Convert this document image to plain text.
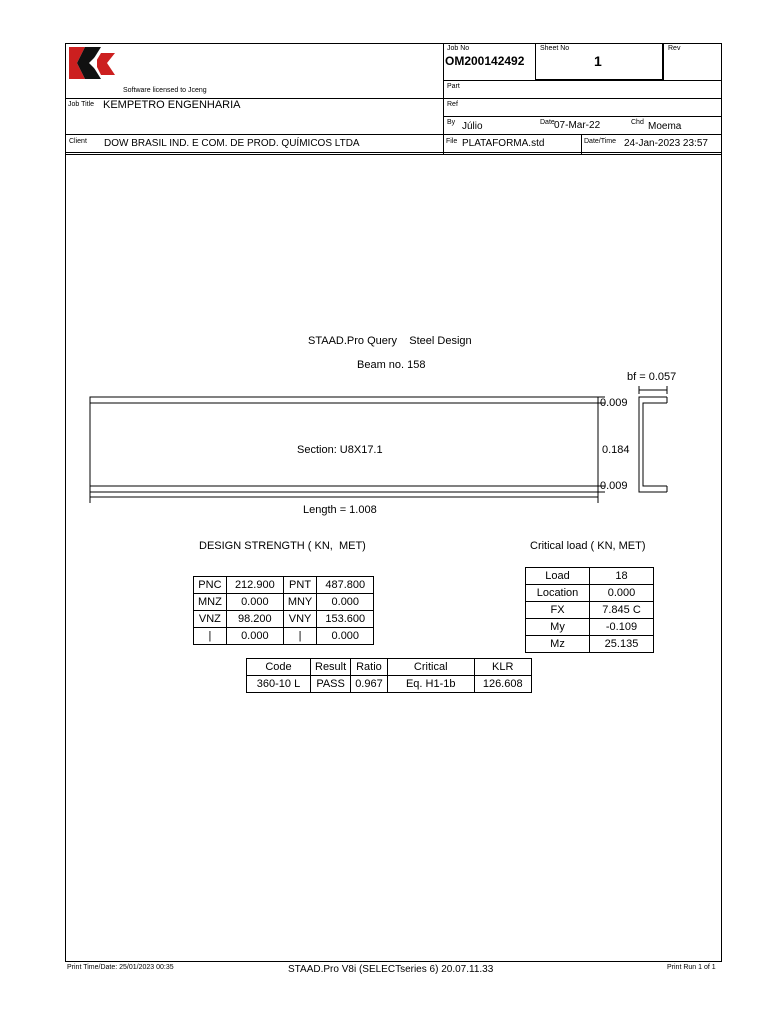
Software licensed to Jceng
Job No
OM200142492
Sheet No
1
Rev
Part
Ref
Job Title KEMPETRO ENGENHARIA
By Júlio	Date 07-Mar-22	Chd Moema
Client DOW BRASIL IND. E COM. DE PROD. QUÍMICOS LTDA	File PLATAFORMA.std	Date/Time 24-Jan-2023 23:57
STAAD.Pro Query    Steel Design
Beam no. 158
bf = 0.057
Section: U8X17.1
Length = 1.008
0.009
0.184
0.009
DESIGN STRENGTH ( KN,  MET)
PNC	212.900	PNT	487.800
MNZ	0.000	MNY	0.000
VNZ	98.200	VNY	153.600
|	0.000	|	0.000
Critical load ( KN, MET)
Load	18
Location	0.000
FX	7.845 C
My	-0.109
Mz	25.135
Code	Result	Ratio	Critical	KLR
360-10 L	PASS	0.967	Eq. H1-1b	126.608
Print Time/Date: 25/01/2023 00:35	STAAD.Pro V8i (SELECTseries 6) 20.07.11.33	Print Run 1 of 1
